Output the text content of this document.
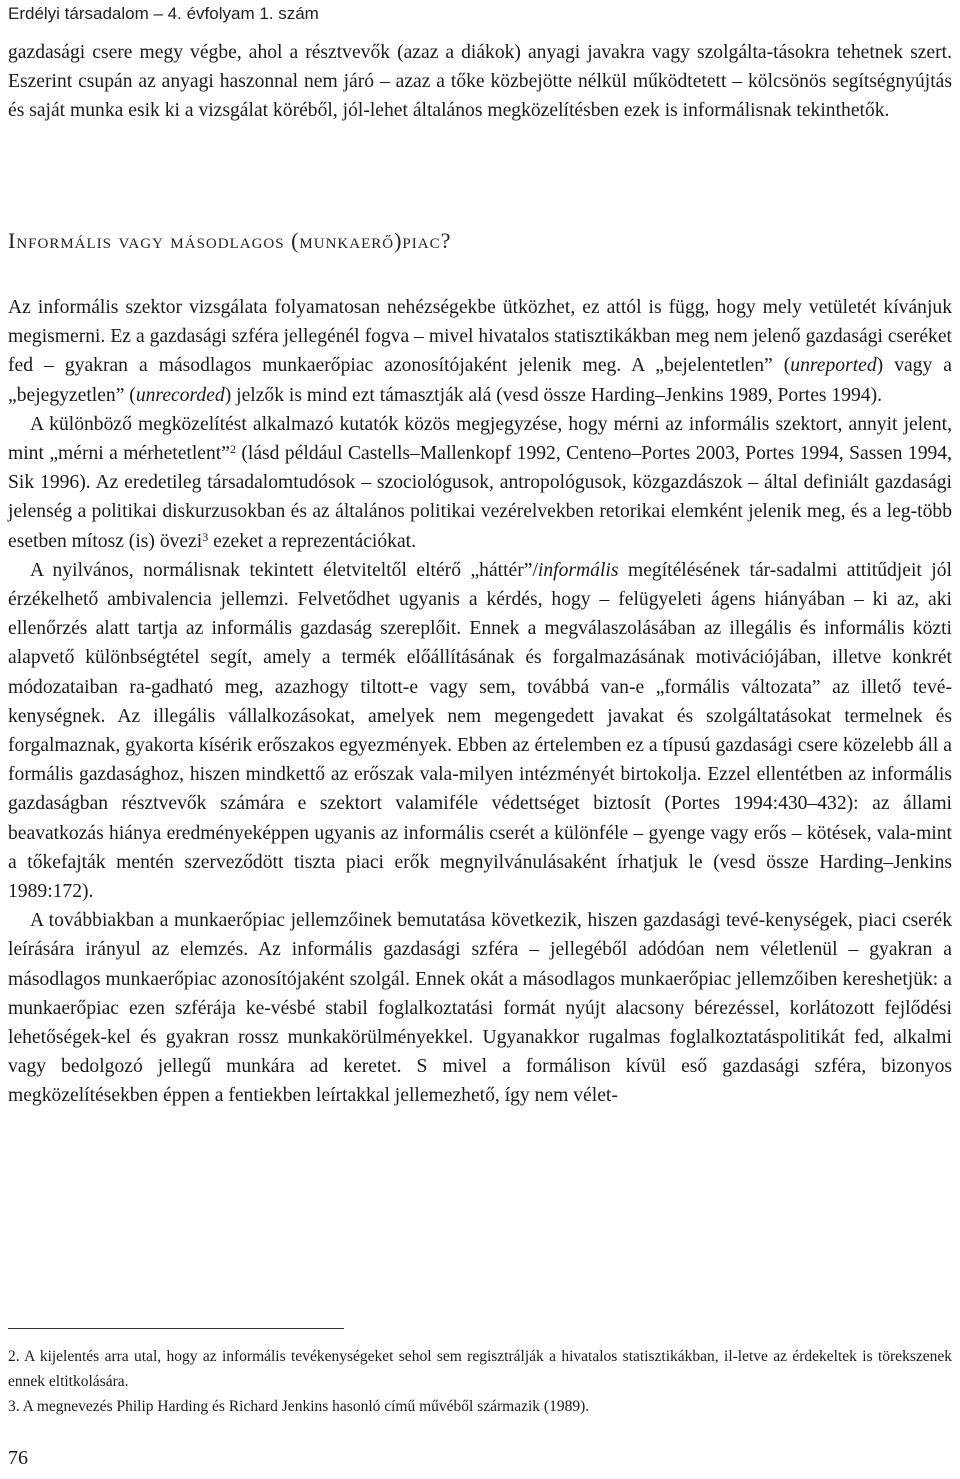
Erdélyi társadalom – 4. évfolyam 1. szám

gazdasági csere megy végbe, ahol a résztvevők (azaz a diákok) anyagi javakra vagy szolgálta-tásokra tehetnek szert. Eszerint csupán az anyagi haszonnal nem járó – azaz a tőke közbejötte nélkül működtetett – kölcsönös segítségnyújtás és saját munka esik ki a vizsgálat köréből, jól-lehet általános megközelítésben ezek is informálisnak tekinthetők.

Informális vagy másodlagos (munkaerő)piac?

Az informális szektor vizsgálata folyamatosan nehézségekbe ütközhet, ez attól is függ, hogy mely vetületét kívánjuk megismerni. Ez a gazdasági szféra jellegénél fogva – mivel hivatalos statisztikákban meg nem jelenő gazdasági cseréket fed – gyakran a másodlagos munkaerőpiac azonosítójaként jelenik meg. A „bejelentetlen” (unreported) vagy a „bejegyzetlen” (unrecorded) jelzők is mind ezt támasztják alá (vesd össze Harding–Jenkins 1989, Portes 1994).

A különböző megközelítést alkalmazó kutatók közös megjegyzése, hogy mérni az informális szektort, annyit jelent, mint „mérni a mérhetetlent”$^2$ (lásd például Castells–Mallenkopf 1992, Centeno–Portes 2003, Portes 1994, Sassen 1994, Sik 1996). Az eredetileg társadalomtudósok – szociológusok, antropológusok, közgazdászok – által definiált gazdasági jelenség a politikai diskurzusokban és az általános politikai vezérelvekben retorikai elemként jelenik meg, és a leg-több esetben mítosz (is) övezi$^3$ ezeket a reprezentációkat.

A nyilvános, normálisnak tekintett életviteltől eltérő „háttér”/informális megítélésének tár-sadalmi attitűdjeit jól érzékelhető ambivalencia jellemzi. Felvetődhet ugyanis a kérdés, hogy – felügyeleti ágens hiányában – ki az, aki ellenőrzés alatt tartja az informális gazdaság szereplőit. Ennek a megválaszolásában az illegális és informális közti alapvető különbségtétel segít, amely a termék előállításának és forgalmazásának motivációjában, illetve konkrét módozataiban ra-gadható meg, azazhogy tiltott-e vagy sem, továbbá van-e „formális változata” az illető tevé-kenységnek. Az illegális vállalkozásokat, amelyek nem megengedett javakat és szolgáltatásokat termelnek és forgalmaznak, gyakorta kísérik erőszakos egyezmények. Ebben az értelemben ez a típusú gazdasági csere közelebb áll a formális gazdasághoz, hiszen mindkettő az erőszak vala-milyen intézményét birtokolja. Ezzel ellentétben az informális gazdaságban résztvevők számára e szektort valamiféle védettséget biztosít (Portes 1994:430–432): az állami beavatkozás hiánya eredményeképpen ugyanis az informális cserét a különféle – gyenge vagy erős – kötések, vala-mint a tőkefajták mentén szerveződött tiszta piaci erők megnyilvánulásaként írhatjuk le (vesd össze Harding–Jenkins 1989:172).

A továbbiakban a munkaerőpiac jellemzőinek bemutatása következik, hiszen gazdasági tevé-kenységek, piaci cserék leírására irányul az elemzés. Az informális gazdasági szféra – jellegéből adódóan nem véletlenül – gyakran a másodlagos munkaerőpiac azonosítójaként szolgál. Ennek okát a másodlagos munkaerőpiac jellemzőiben kereshetjük: a munkaerőpiac ezen szférája ke-vésbé stabil foglalkoztatási formát nyújt alacsony bérezéssel, korlátozott fejlődési lehetőségek-kel és gyakran rossz munkakörülményekkel. Ugyanakkor rugalmas foglalkoztatáspolitikát fed, alkalmi vagy bedolgozó jellegű munkára ad keretet. S mivel a formálison kívül eső gazdasági szféra, bizonyos megközelítésekben éppen a fentiekben leírtakkal jellemezhető, így nem vélet-

2. A kijelentés arra utal, hogy az informális tevékenységeket sehol sem regisztrálják a hivatalos statisztikákban, il-letve az érdekeltek is törekszenek ennek eltitkolására.

3. A megnevezés Philip Harding és Richard Jenkins hasonló című művéből származik (1989).

76
